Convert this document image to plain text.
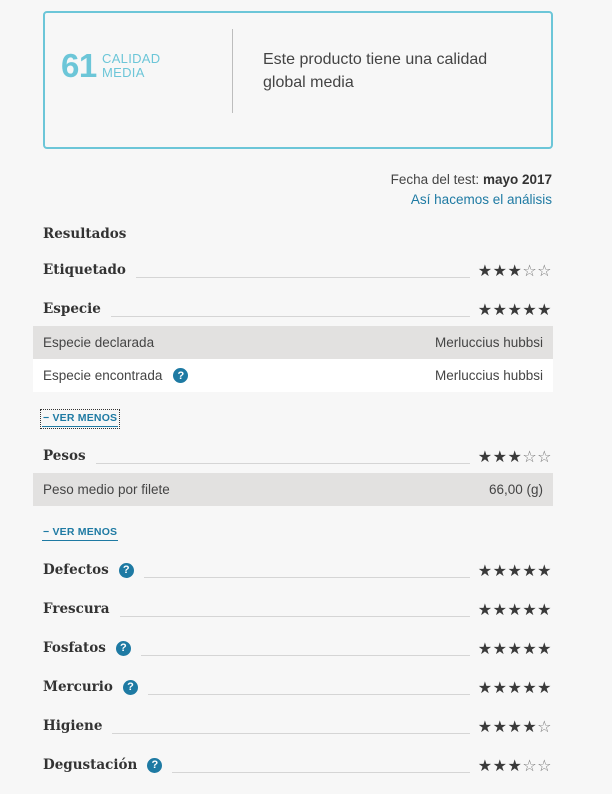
61 CALIDAD
MEDIA
Este producto tiene una calidad global media
Fecha del test: mayo 2017
Así hacemos el análisis
Resultados
Etiquetado	★★★☆☆
Especie	★★★★★
Especie declarada	Merluccius hubbsi
Especie encontrada	?	Merluccius hubbsi
− VER MENOS
Pesos	★★★☆☆
Peso medio por filete	66,00 (g)
− VER MENOS
Defectos	?	★★★★★
Frescura	★★★★★
Fosfatos	?	★★★★★
Mercurio	?	★★★★★
Higiene	★★★★☆
Degustación	?	★★★☆☆
